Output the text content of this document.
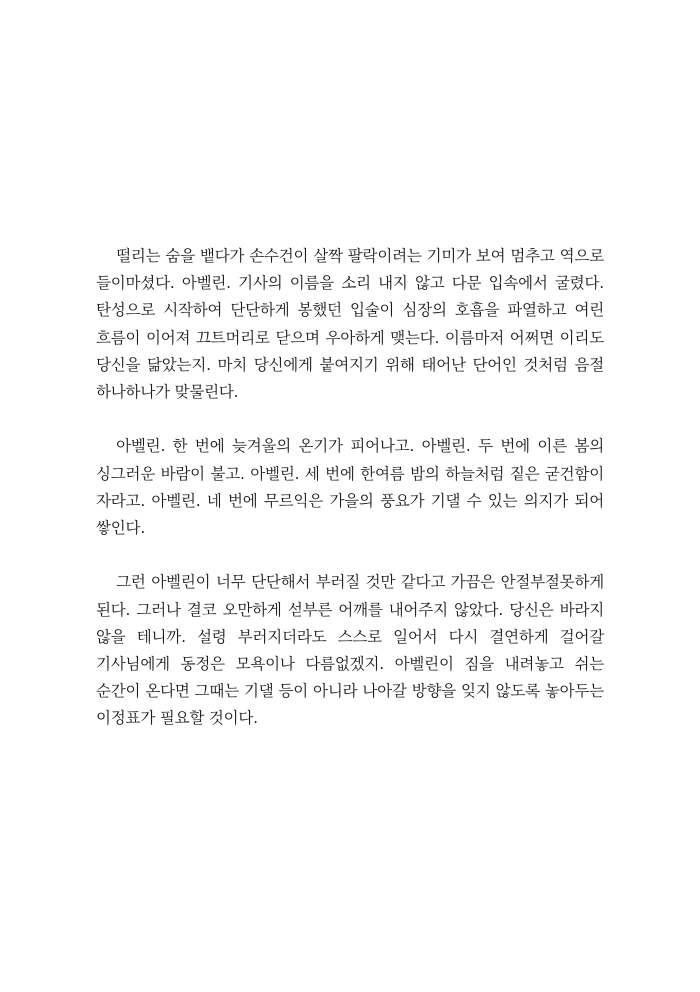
떨리는 숨을 뱉다가 손수건이 살짝 팔락이려는 기미가 보여 멈추고 역으로 들이마셨다. 아벨린. 기사의 이름을 소리 내지 않고 다문 입속에서 굴렸다. 탄성으로 시작하여 단단하게 봉했던 입술이 심장의 호흡을 파열하고 여린 흐름이 이어져 끄트머리로 닫으며 우아하게 맺는다. 이름마저 어쩌면 이리도 당신을 닮았는지. 마치 당신에게 붙여지기 위해 태어난 단어인 것처럼 음절 하나하나가 맞물린다.

아벨린. 한 번에 늦겨울의 온기가 피어나고. 아벨린. 두 번에 이른 봄의 싱그러운 바람이 불고. 아벨린. 세 번에 한여름 밤의 하늘처럼 짙은 굳건함이 자라고. 아벨린. 네 번에 무르익은 가을의 풍요가 기댈 수 있는 의지가 되어 쌓인다.

그런 아벨린이 너무 단단해서 부러질 것만 같다고 가끔은 안절부절못하게 된다. 그러나 결코 오만하게 섣부른 어깨를 내어주지 않았다. 당신은 바라지 않을 테니까. 설령 부러지더라도 스스로 일어서 다시 결연하게 걸어갈 기사님에게 동정은 모욕이나 다름없겠지. 아벨린이 짐을 내려놓고 쉬는 순간이 온다면 그때는 기댈 등이 아니라 나아갈 방향을 잊지 않도록 놓아두는 이정표가 필요할 것이다.
